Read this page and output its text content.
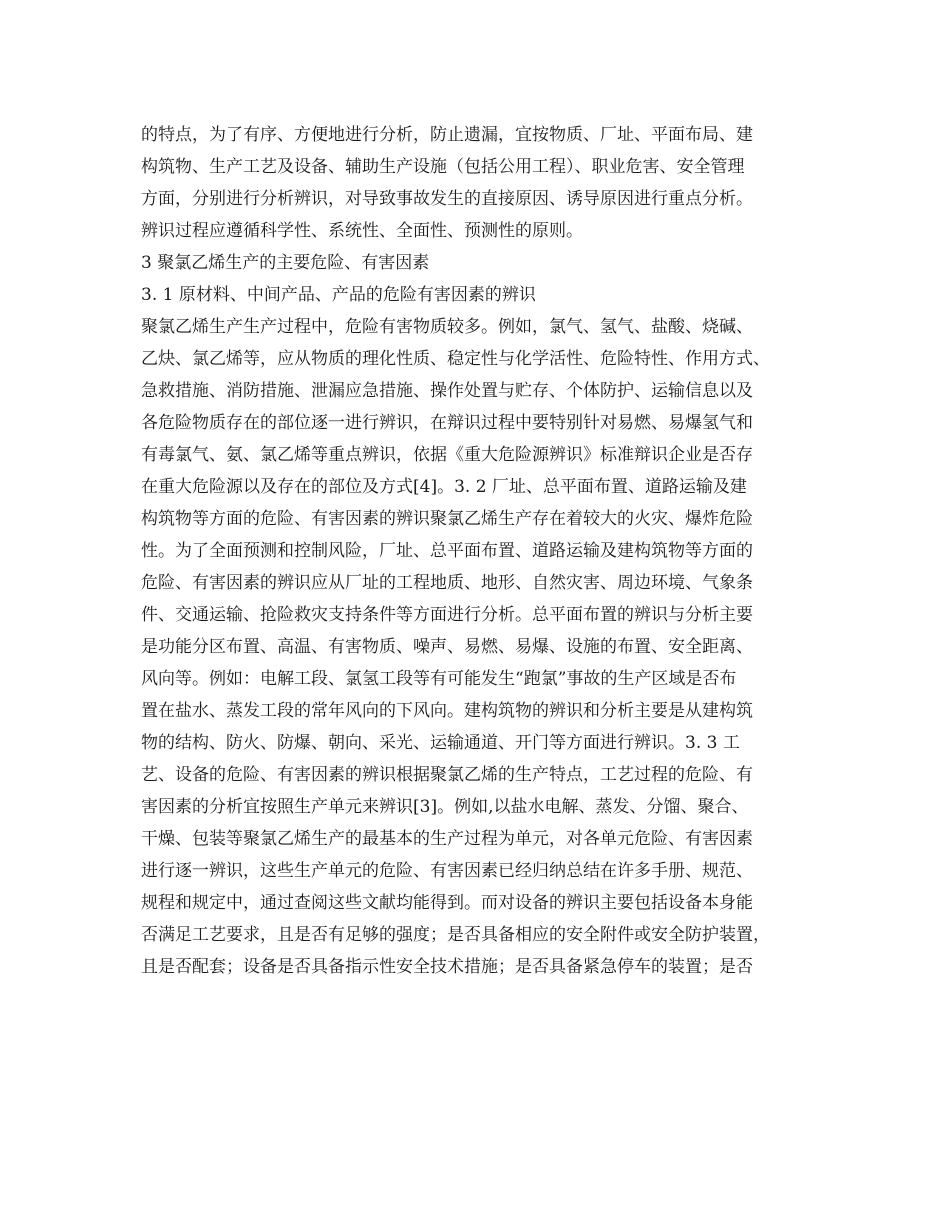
的特点，为了有序、方便地进行分析，防止遗漏，宜按物质、厂址、平面布局、建
构筑物、生产工艺及设备、辅助生产设施（包括公用工程）、职业危害、安全管理
方面，分别进行分析辨识，对导致事故发生的直接原因、诱导原因进行重点分析。
辨识过程应遵循科学性、系统性、全面性、预测性的原则。
3 聚氯乙烯生产的主要危险、有害因素
3. 1 原材料、中间产品、产品的危险有害因素的辨识
聚氯乙烯生产生产过程中，危险有害物质较多。例如，氯气、氢气、盐酸、烧碱、
乙炔、氯乙烯等，应从物质的理化性质、稳定性与化学活性、危险特性、作用方式、
急救措施、消防措施、泄漏应急措施、操作处置与贮存、个体防护、运输信息以及
各危险物质存在的部位逐一进行辨识，在辩识过程中要特别针对易燃、易爆氢气和
有毒氯气、氨、氯乙烯等重点辨识，依据《重大危险源辨识》标准辩识企业是否存
在重大危险源以及存在的部位及方式[4]。3. 2 厂址、总平面布置、道路运输及建
构筑物等方面的危险、有害因素的辨识聚氯乙烯生产存在着较大的火灾、爆炸危险
性。为了全面预测和控制风险，厂址、总平面布置、道路运输及建构筑物等方面的
危险、有害因素的辨识应从厂址的工程地质、地形、自然灾害、周边环境、气象条
件、交通运输、抢险救灾支持条件等方面进行分析。总平面布置的辨识与分析主要
是功能分区布置、高温、有害物质、噪声、易燃、易爆、设施的布置、安全距离、
风向等。例如：电解工段、氯氢工段等有可能发生“跑氯”事故的生产区域是否布
置在盐水、蒸发工段的常年风向的下风向。建构筑物的辨识和分析主要是从建构筑
物的结构、防火、防爆、朝向、采光、运输通道、开门等方面进行辨识。3. 3 工
艺、设备的危险、有害因素的辨识根据聚氯乙烯的生产特点，工艺过程的危险、有
害因素的分析宜按照生产单元来辨识[3]。例如,以盐水电解、蒸发、分馏、聚合、
干燥、包装等聚氯乙烯生产的最基本的生产过程为单元，对各单元危险、有害因素
进行逐一辨识，这些生产单元的危险、有害因素已经归纳总结在许多手册、规范、
规程和规定中，通过查阅这些文献均能得到。而对设备的辨识主要包括设备本身能
否满足工艺要求，且是否有足够的强度；是否具备相应的安全附件或安全防护装置，
且是否配套；设备是否具备指示性安全技术措施；是否具备紧急停车的装置；是否
